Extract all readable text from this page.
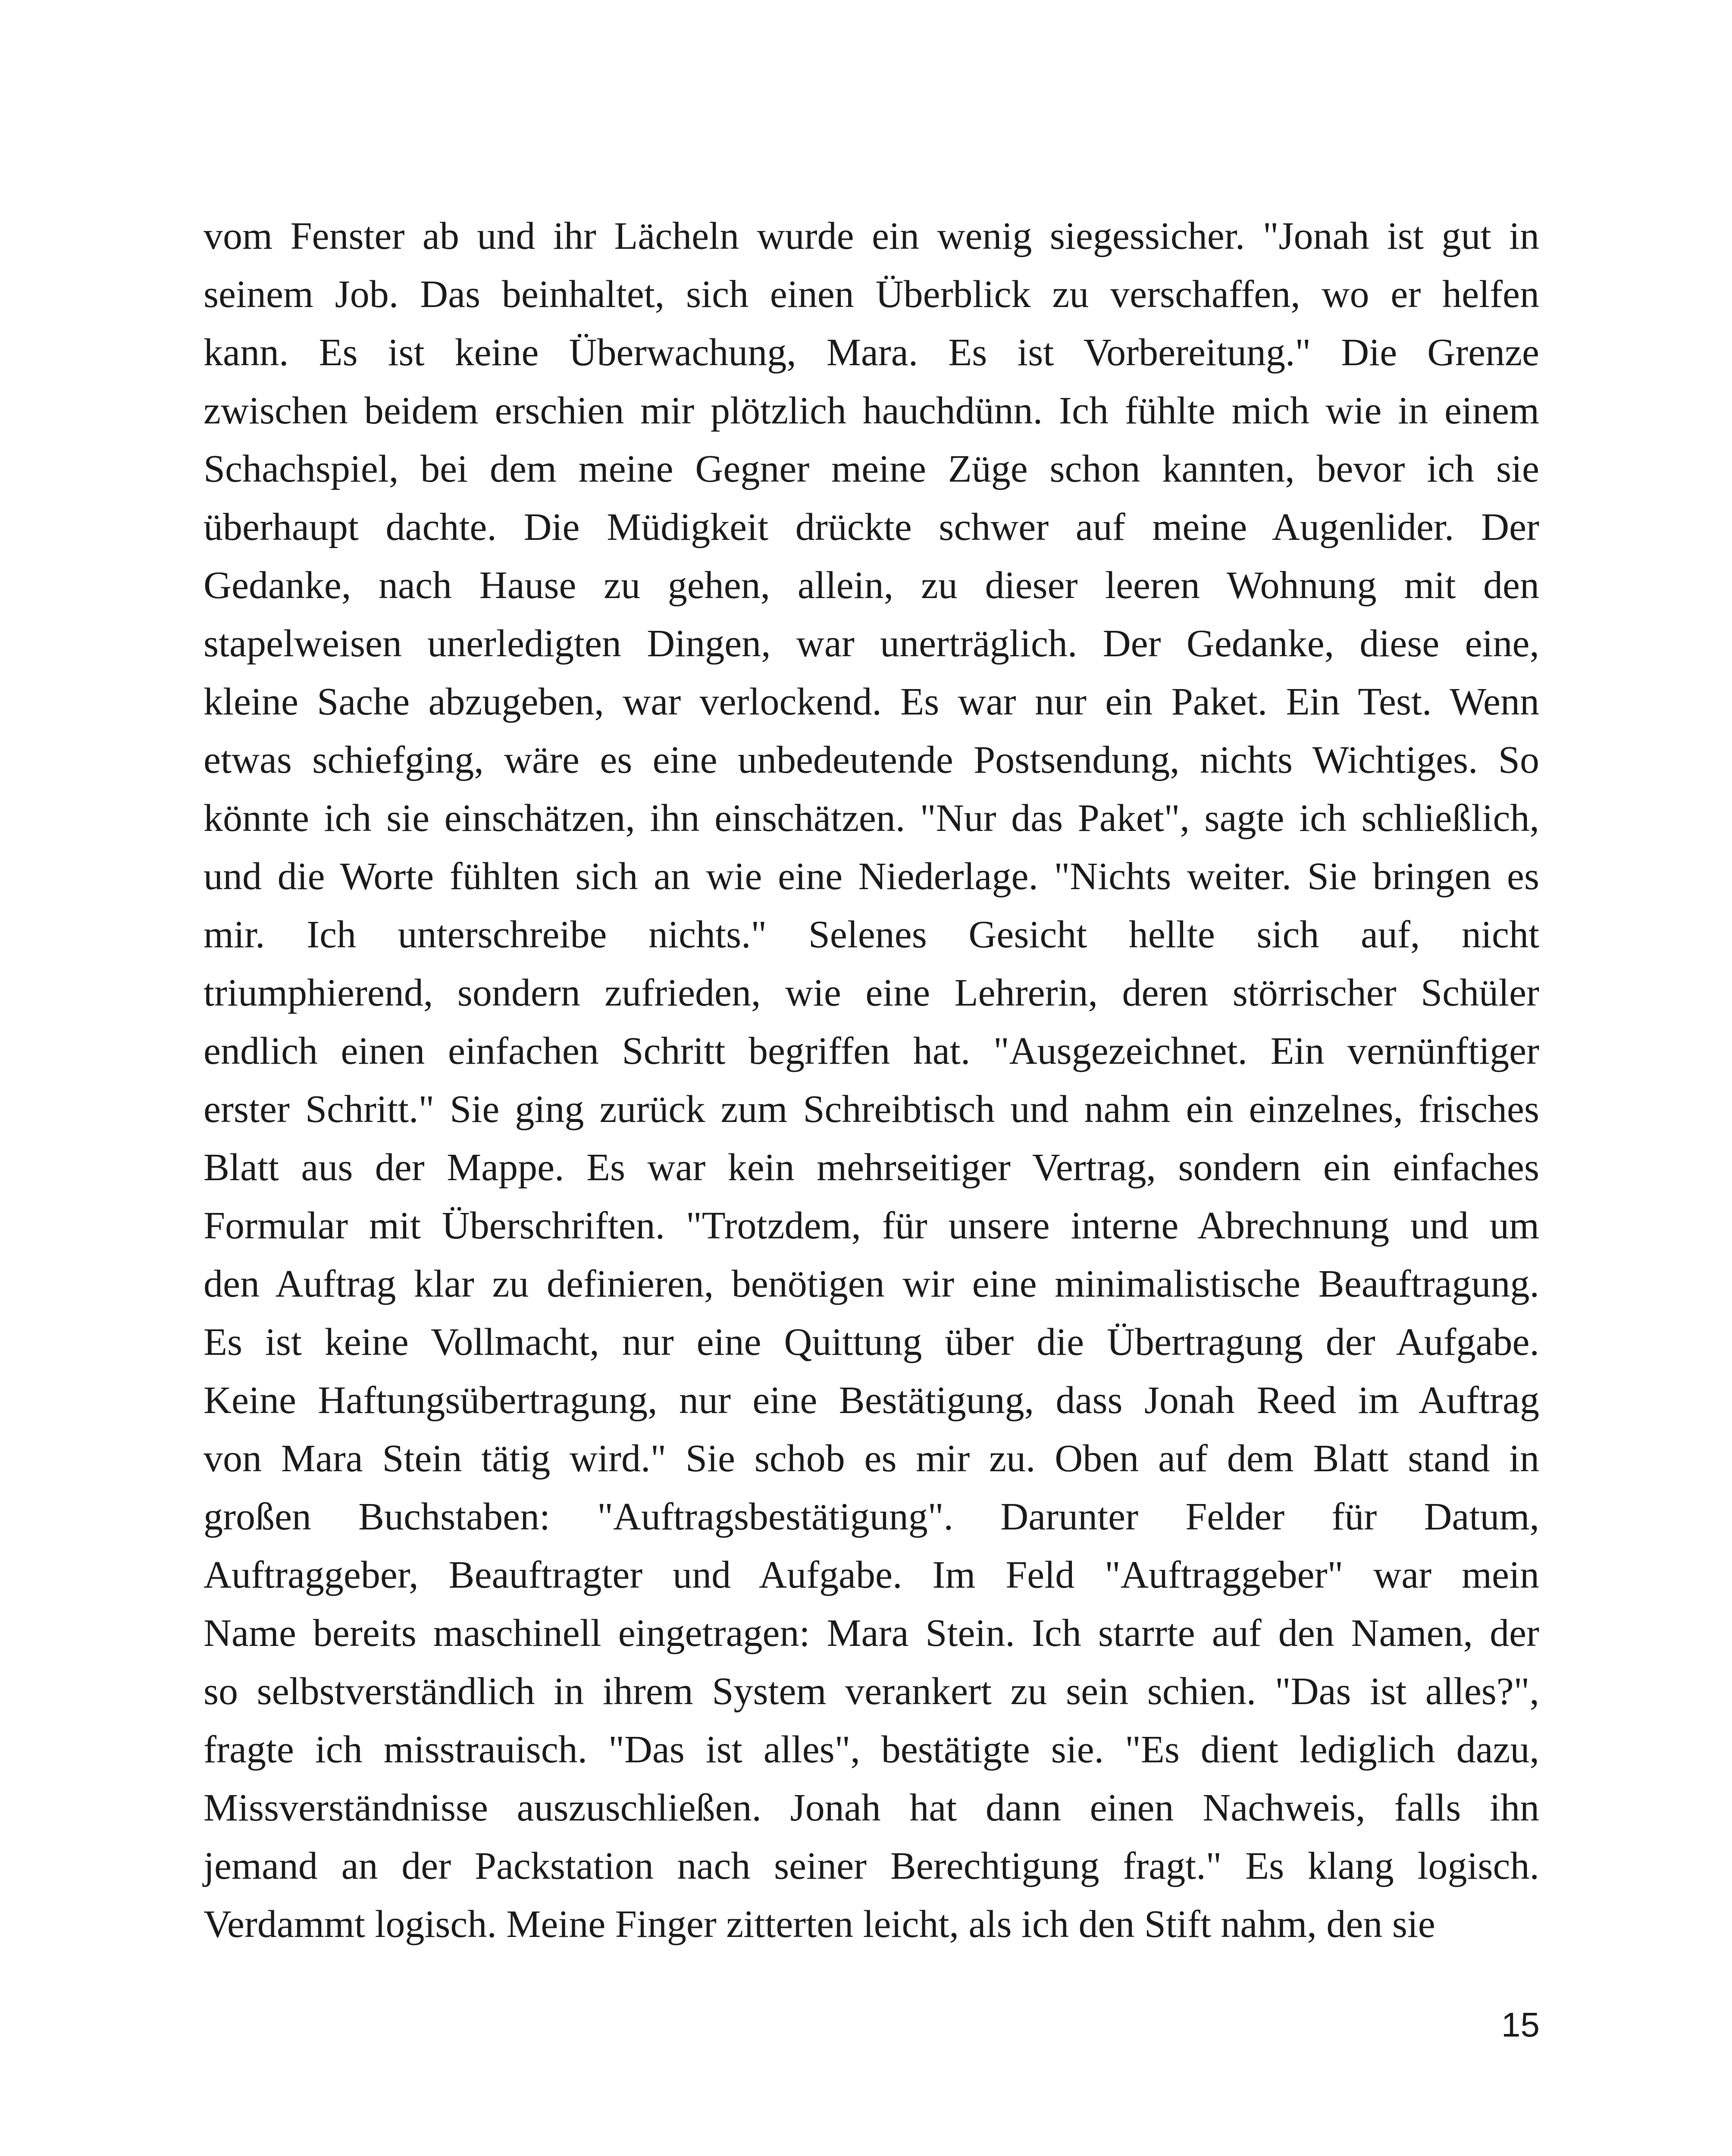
vom Fenster ab und ihr Lächeln wurde ein wenig siegessicher. "Jonah ist gut in
seinem Job. Das beinhaltet, sich einen Überblick zu verschaffen, wo er helfen
kann. Es ist keine Überwachung, Mara. Es ist Vorbereitung." Die Grenze
zwischen beidem erschien mir plötzlich hauchdünn. Ich fühlte mich wie in einem
Schachspiel, bei dem meine Gegner meine Züge schon kannten, bevor ich sie
überhaupt dachte. Die Müdigkeit drückte schwer auf meine Augenlider. Der
Gedanke, nach Hause zu gehen, allein, zu dieser leeren Wohnung mit den
stapelweisen unerledigten Dingen, war unerträglich. Der Gedanke, diese eine,
kleine Sache abzugeben, war verlockend. Es war nur ein Paket. Ein Test. Wenn
etwas schiefging, wäre es eine unbedeutende Postsendung, nichts Wichtiges. So
könnte ich sie einschätzen, ihn einschätzen. "Nur das Paket", sagte ich schließlich,
und die Worte fühlten sich an wie eine Niederlage. "Nichts weiter. Sie bringen es
mir. Ich unterschreibe nichts." Selenes Gesicht hellte sich auf, nicht
triumphierend, sondern zufrieden, wie eine Lehrerin, deren störrischer Schüler
endlich einen einfachen Schritt begriffen hat. "Ausgezeichnet. Ein vernünftiger
erster Schritt." Sie ging zurück zum Schreibtisch und nahm ein einzelnes, frisches
Blatt aus der Mappe. Es war kein mehrseitiger Vertrag, sondern ein einfaches
Formular mit Überschriften. "Trotzdem, für unsere interne Abrechnung und um
den Auftrag klar zu definieren, benötigen wir eine minimalistische Beauftragung.
Es ist keine Vollmacht, nur eine Quittung über die Übertragung der Aufgabe.
Keine Haftungsübertragung, nur eine Bestätigung, dass Jonah Reed im Auftrag
von Mara Stein tätig wird." Sie schob es mir zu. Oben auf dem Blatt stand in
großen Buchstaben: "Auftragsbestätigung". Darunter Felder für Datum,
Auftraggeber, Beauftragter und Aufgabe. Im Feld "Auftraggeber" war mein
Name bereits maschinell eingetragen: Mara Stein. Ich starrte auf den Namen, der
so selbstverständlich in ihrem System verankert zu sein schien. "Das ist alles?",
fragte ich misstrauisch. "Das ist alles", bestätigte sie. "Es dient lediglich dazu,
Missverständnisse auszuschließen. Jonah hat dann einen Nachweis, falls ihn
jemand an der Packstation nach seiner Berechtigung fragt." Es klang logisch.
Verdammt logisch. Meine Finger zitterten leicht, als ich den Stift nahm, den sie
15
